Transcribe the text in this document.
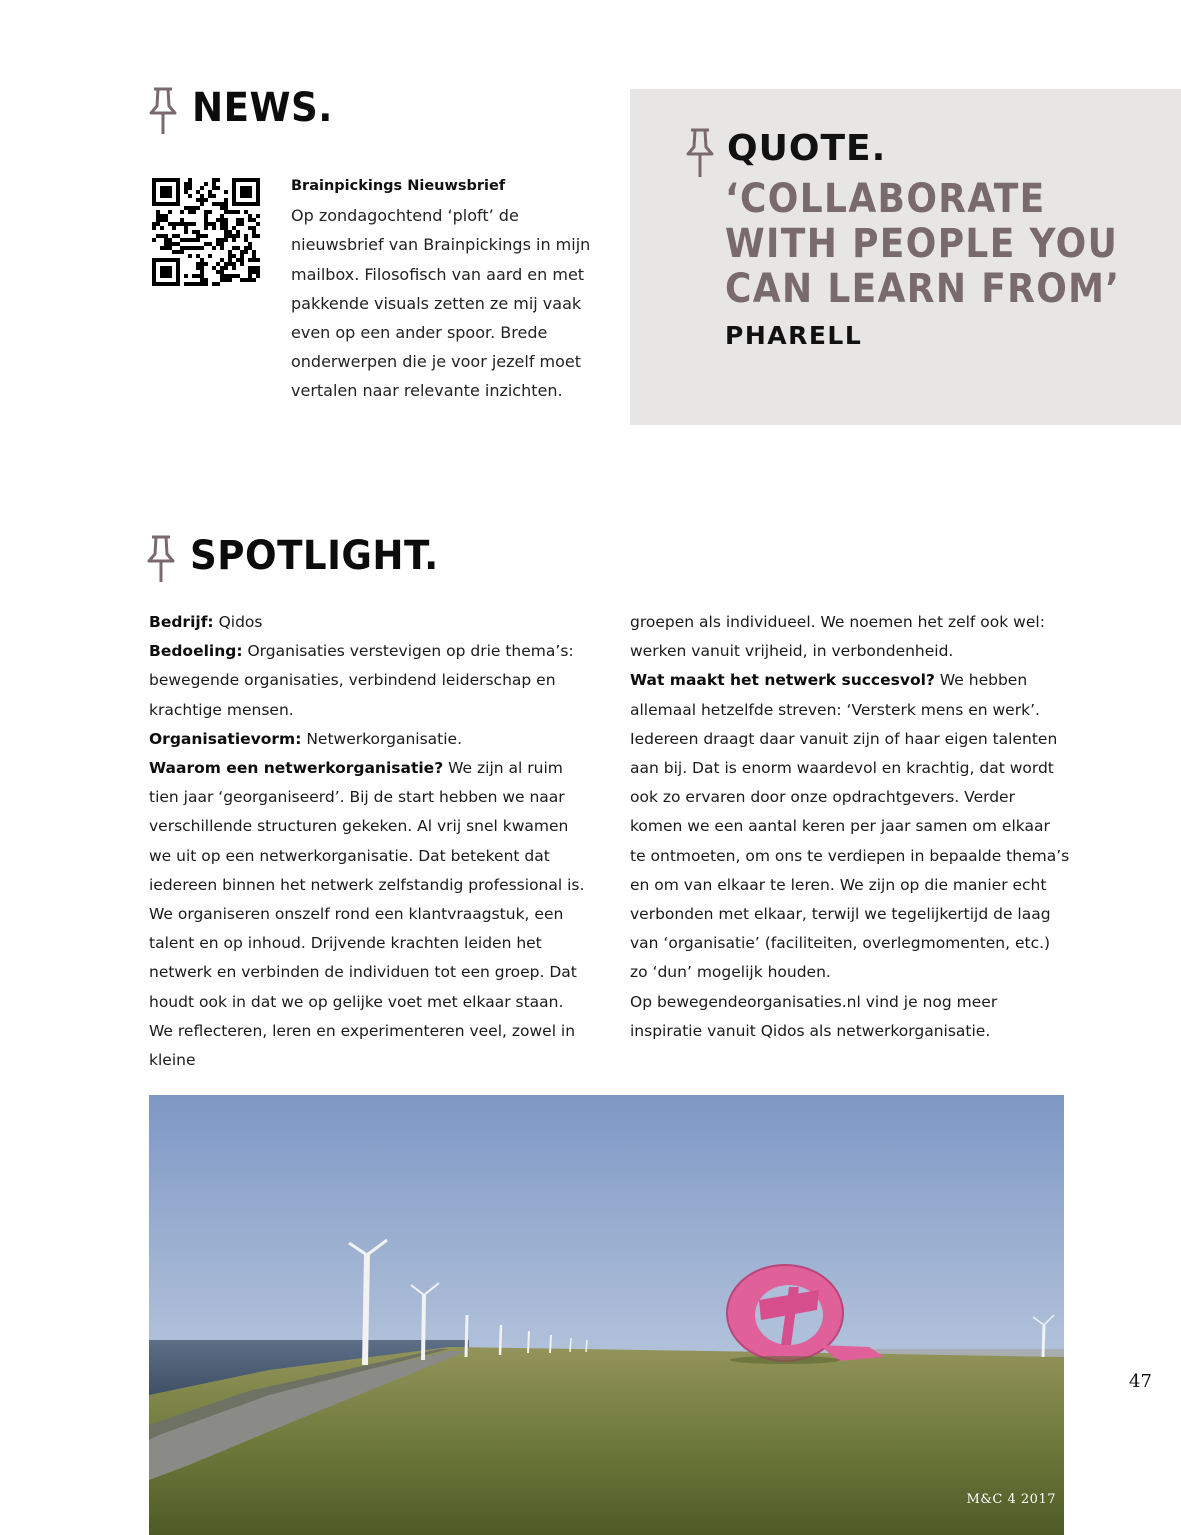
NEWS.

Brainpickings Nieuwsbrief

Op zondagochtend ‘ploft’ de nieuwsbrief van Brainpickings in mijn mailbox. Filosofisch van aard en met pakkende visuals zetten ze mij vaak even op een ander spoor. Brede onderwerpen die je voor jezelf moet vertalen naar relevante inzichten.

QUOTE.
‘COLLABORATE WITH PEOPLE YOU CAN LEARN FROM’
PHARELL
SPOTLIGHT.

Bedrijf: Qidos

Bedoeling: Organisaties verstevigen op drie thema’s: bewegende organisaties, verbindend leiderschap en krachtige mensen.

Organisatievorm: Netwerkorganisatie.

Waarom een netwerkorganisatie? We zijn al ruim tien jaar ‘georganiseerd’. Bij de start hebben we naar verschillende structuren gekeken. Al vrij snel kwamen we uit op een netwerkorganisatie. Dat betekent dat iedereen binnen het netwerk zelfstandig professional is. We organiseren onszelf rond een klantvraagstuk, een talent en op inhoud. Drijvende krachten leiden het netwerk en verbinden de individuen tot een groep. Dat houdt ook in dat we op gelijke voet met elkaar staan. We reflecteren, leren en experimenteren veel, zowel in kleine

groepen als individueel. We noemen het zelf ook wel: werken vanuit vrijheid, in verbondenheid.

Wat maakt het netwerk succesvol? We hebben allemaal hetzelfde streven: ‘Versterk mens en werk’. Iedereen draagt daar vanuit zijn of haar eigen talenten aan bij. Dat is enorm waardevol en krachtig, dat wordt ook zo ervaren door onze opdrachtgevers. Verder komen we een aantal keren per jaar samen om elkaar te ontmoeten, om ons te verdiepen in bepaalde thema’s en om van elkaar te leren. We zijn op die manier echt verbonden met elkaar, terwijl we tegelijkertijd de laag van ‘organisatie’ (faciliteiten, overlegmomenten, etc.) zo ‘dun’ mogelijk houden.

Op bewegendeorganisaties.nl vind je nog meer inspiratie vanuit Qidos als netwerkorganisatie.

M&C 4 2017
47
